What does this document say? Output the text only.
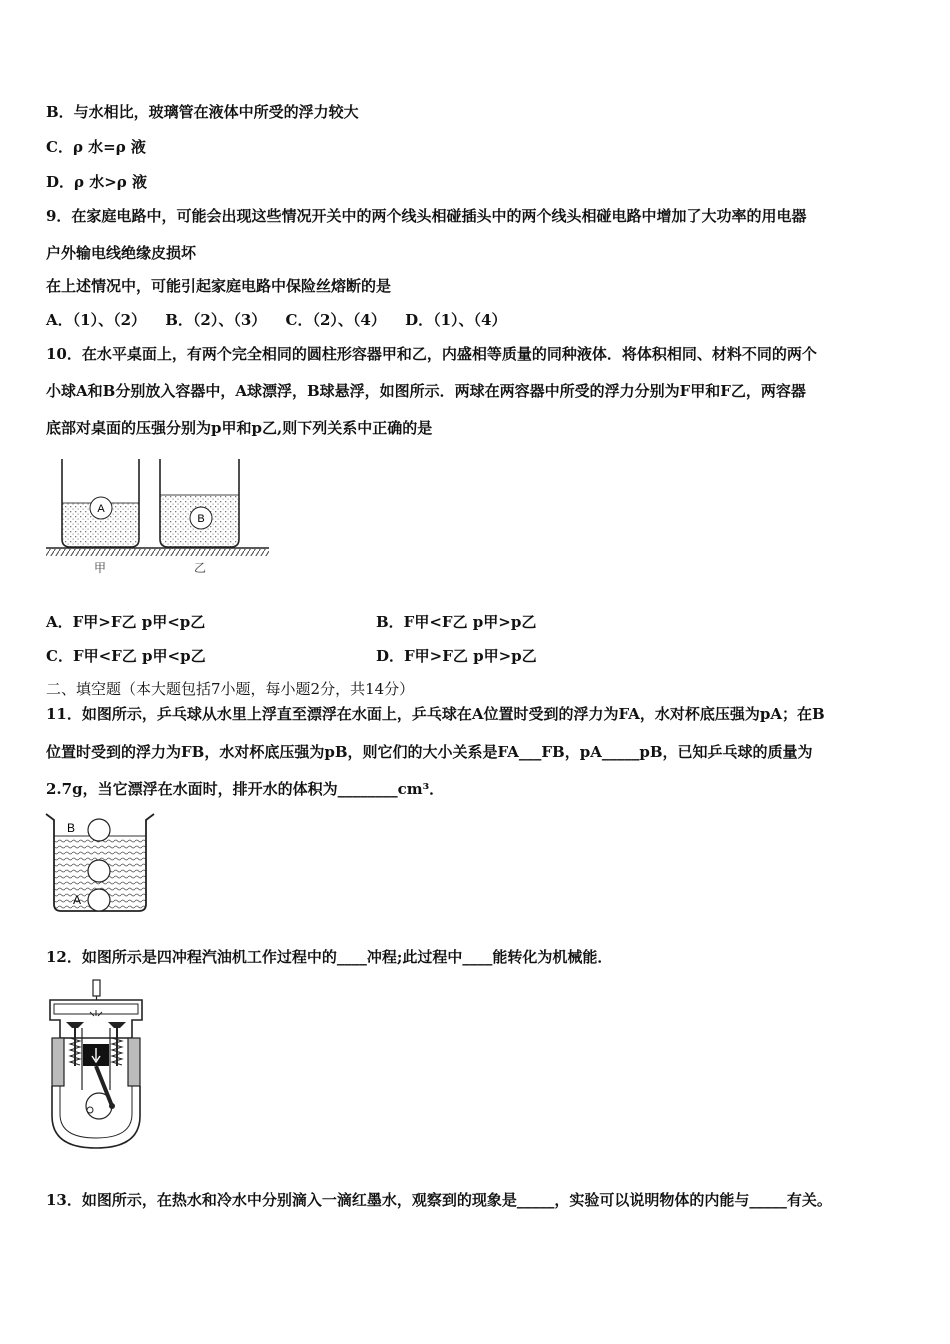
B．与水相比，玻璃管在液体中所受的浮力较大
C．ρ 水=ρ 液
D．ρ 水>ρ 液
9．在家庭电路中，可能会出现这些情况开关中的两个线头相碰插头中的两个线头相碰电路中增加了大功率的用电器
户外输电线绝缘皮损坏
在上述情况中，可能引起家庭电路中保险丝熔断的是
A．（1）、（2） B．（2）、（3） C．（2）、（4） D．（1）、（4）
10．在水平桌面上，有两个完全相同的圆柱形容器甲和乙，内盛相等质量的同种液体．将体积相同、材料不同的两个
小球A和B分别放入容器中，A球漂浮，B球悬浮，如图所示．两球在两容器中所受的浮力分别为F甲和F乙，两容器
底部对桌面的压强分别为p甲和p乙,则下列关系中正确的是
A
B
甲	乙
A．F甲>F乙 p甲<p乙	B．F甲<F乙 p甲>p乙
C．F甲<F乙 p甲<p乙	D．F甲>F乙 p甲>p乙
二、填空题（本大题包括7小题，每小题2分，共14分）
11．如图所示，乒乓球从水里上浮直至漂浮在水面上，乒乓球在A位置时受到的浮力为FA，水对杯底压强为pA；在B
位置时受到的浮力为FB，水对杯底压强为pB，则它们的大小关系是FA___FB，pA_____pB，已知乒乓球的质量为
2.7g，当它漂浮在水面时，排开水的体积为________cm³．
B
A
12．如图所示是四冲程汽油机工作过程中的____冲程;此过程中____能转化为机械能．
13．如图所示，在热水和冷水中分别滴入一滴红墨水，观察到的现象是_____，实验可以说明物体的内能与_____有关。
